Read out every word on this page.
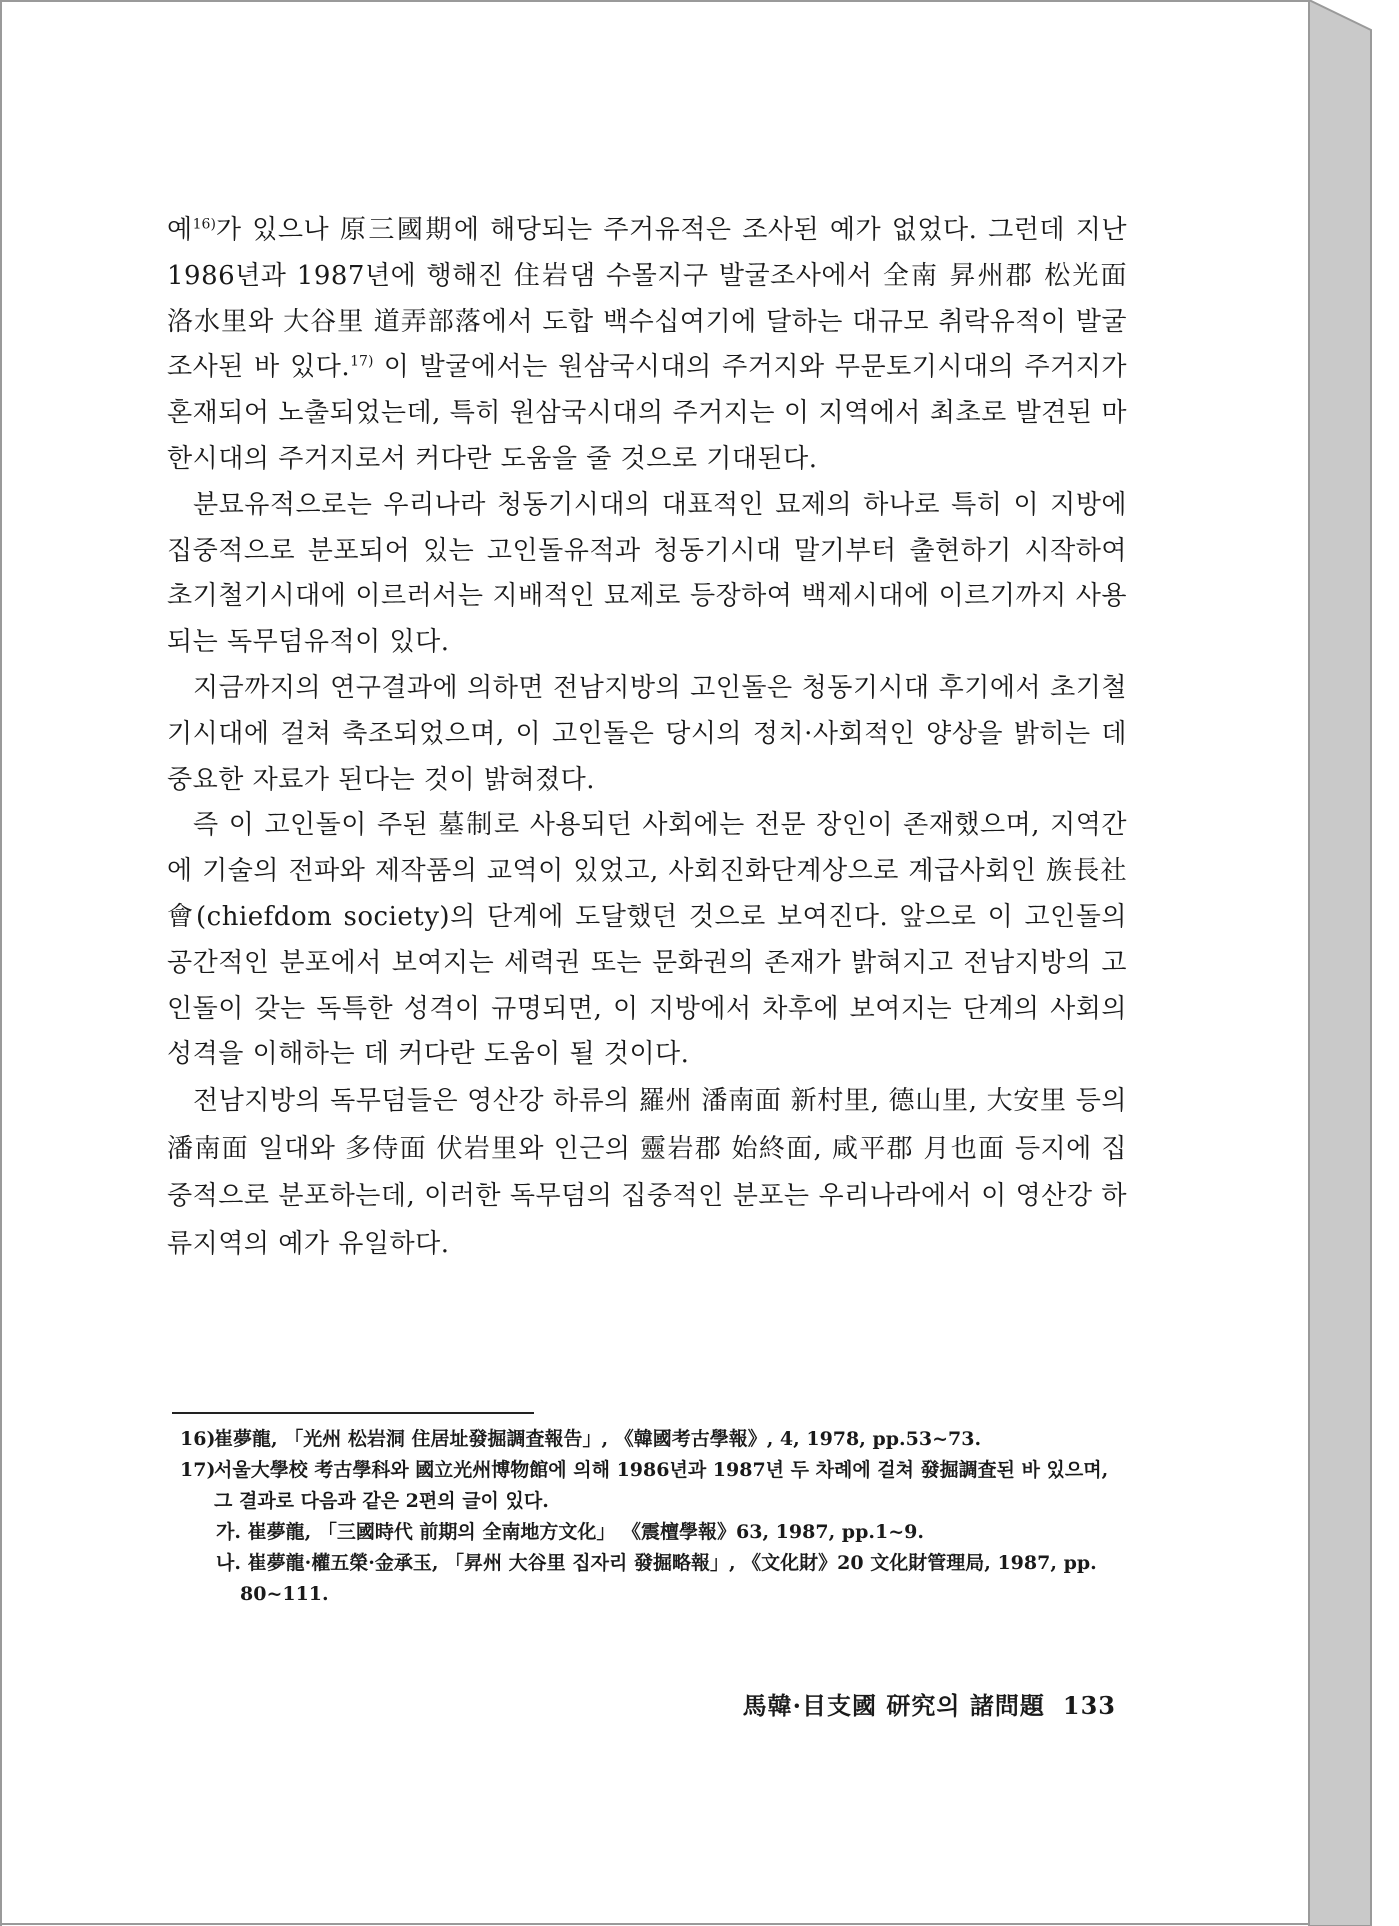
예$^{16)}$가 있으나 原三國期에 해당되는 주거유적은 조사된 예가 없었다. 그런데 지난 1986년과 1987년에 행해진 住岩댐 수몰지구 발굴조사에서 全南 昇州郡 松光面 洛水里와 大谷里 道弄部落에서 도합 백수십여기에 달하는 대규모 취락유적이 발굴조사된 바 있다.$^{17)}$ 이 발굴에서는 원삼국시대의 주거지와 무문토기시대의 주거지가 혼재되어 노출되었는데, 특히 원삼국시대의 주거지는 이 지역에서 최초로 발견된 마한시대의 주거지로서 커다란 도움을 줄 것으로 기대된다.

분묘유적으로는 우리나라 청동기시대의 대표적인 묘제의 하나로 특히 이 지방에 집중적으로 분포되어 있는 고인돌유적과 청동기시대 말기부터 출현하기 시작하여 초기철기시대에 이르러서는 지배적인 묘제로 등장하여 백제시대에 이르기까지 사용되는 독무덤유적이 있다.

지금까지의 연구결과에 의하면 전남지방의 고인돌은 청동기시대 후기에서 초기철기시대에 걸쳐 축조되었으며, 이 고인돌은 당시의 정치·사회적인 양상을 밝히는 데 중요한 자료가 된다는 것이 밝혀졌다.

즉 이 고인돌이 주된 墓制로 사용되던 사회에는 전문 장인이 존재했으며, 지역간에 기술의 전파와 제작품의 교역이 있었고, 사회진화단계상으로 계급사회인 族長社會(chiefdom society)의 단계에 도달했던 것으로 보여진다. 앞으로 이 고인돌의 공간적인 분포에서 보여지는 세력권 또는 문화권의 존재가 밝혀지고 전남지방의 고인돌이 갖는 독특한 성격이 규명되면, 이 지방에서 차후에 보여지는 단계의 사회의 성격을 이해하는 데 커다란 도움이 될 것이다.

전남지방의 독무덤들은 영산강 하류의 羅州 潘南面 新村里, 德山里, 大安里 등의 潘南面 일대와 多侍面 伏岩里와 인근의 靈岩郡 始終面, 咸平郡 月也面 등지에 집중적으로 분포하는데, 이러한 독무덤의 집중적인 분포는 우리나라에서 이 영산강 하류지역의 예가 유일하다.

16)
崔夢龍, 「光州 松岩洞 住居址發掘調査報告」, 《韓國考古學報》, 4, 1978, pp.53~73.

17)
서울大學校 考古學科와 國立光州博物館에 의해 1986년과 1987년 두 차례에 걸쳐 發掘調査된 바 있으며, 그 결과로 다음과 같은 2편의 글이 있다.

가. 崔夢龍, 「三國時代 前期의 全南地方文化」 《震檀學報》63, 1987, pp.1~9.

나. 崔夢龍·權五榮·金承玉, 「昇州 大谷里 집자리 發掘略報」, 《文化財》20 文化財管理局, 1987, pp. 80~111.

馬韓·目支國 研究의 諸問題 133
